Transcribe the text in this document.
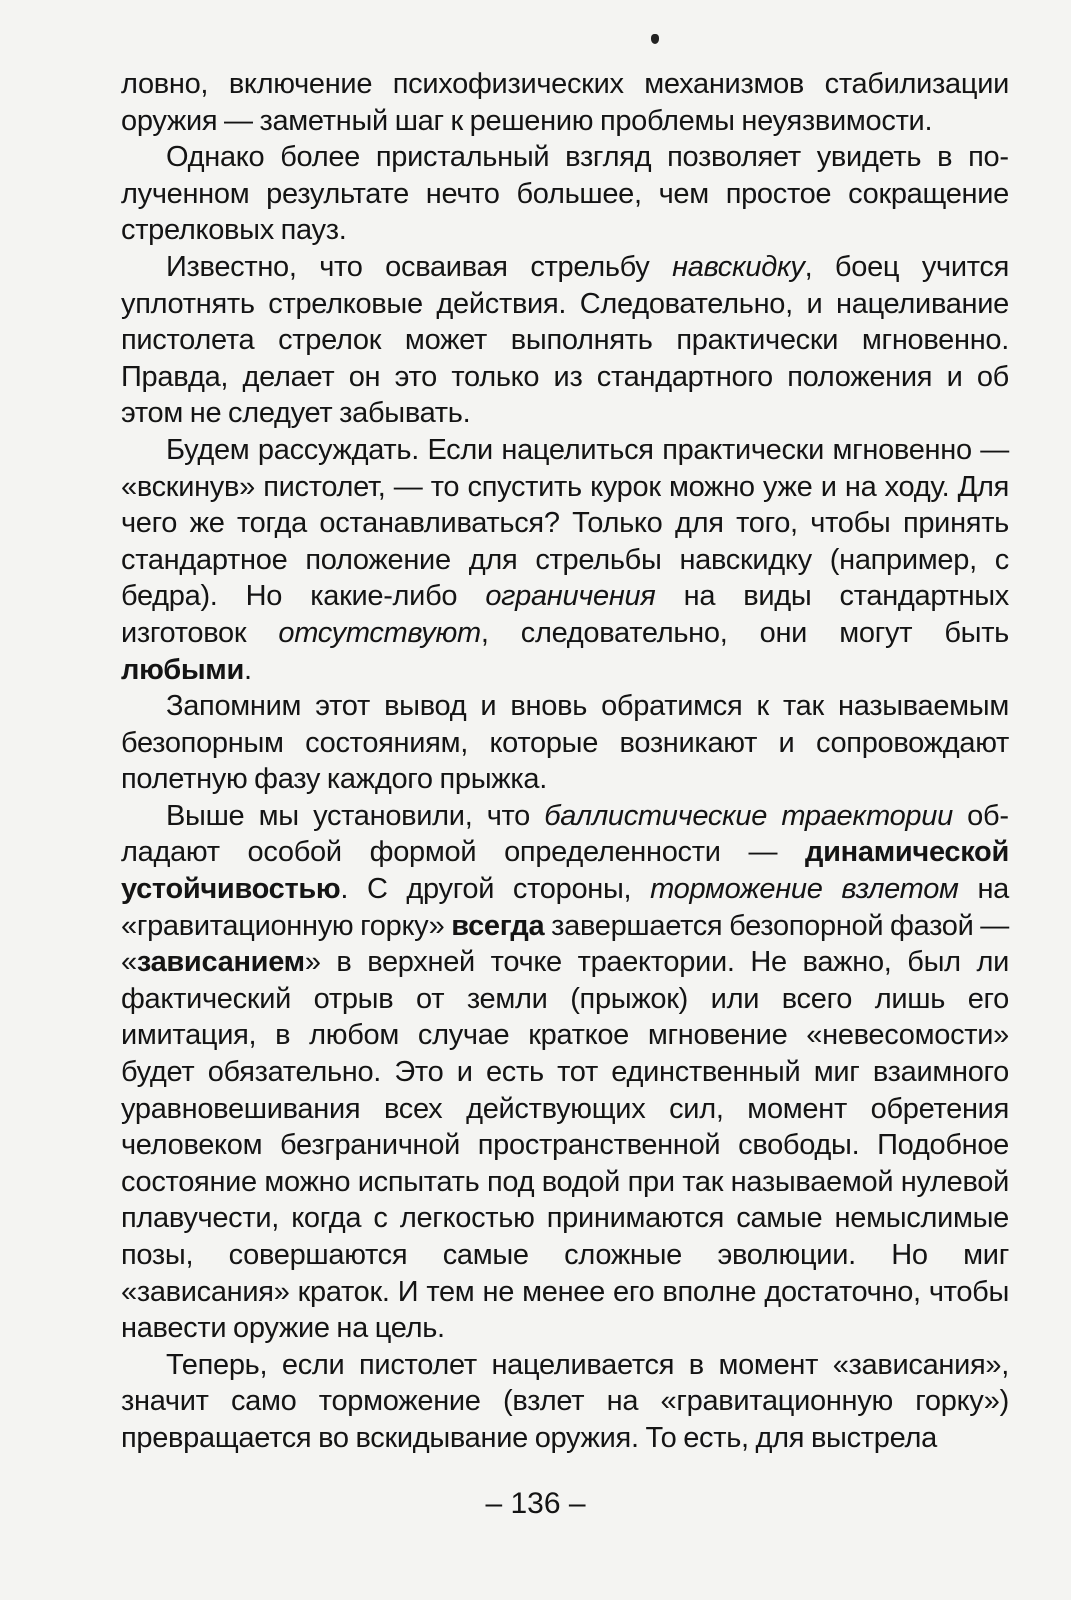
ловно, включение психофизических механизмов стабилизации оружия — заметный шаг к решению проблемы неуязвимости.

Однако более пристальный взгляд позволяет увидеть в полученном результате нечто большее, чем простое сокращение стрелковых пауз.

Известно, что осваивая стрельбу навскидку, боец учится уплотнять стрелковые действия. Следовательно, и нацеливание пистолета стрелок может выполнять практически мгновенно. Правда, делает он это только из стандартного положения и об этом не следует забывать.

Будем рассуждать. Если нацелиться практически мгновенно — «вскинув» пистолет, — то спустить курок можно уже и на ходу. Для чего же тогда останавливаться? Только для того, чтобы принять стандартное положение для стрельбы навскидку (например, с бедра). Но какие-либо ограничения на виды стандартных изготовок отсутствуют, следовательно, они могут быть любыми.

Запомним этот вывод и вновь обратимся к так называемым безопорным состояниям, которые возникают и сопровождают полетную фазу каждого прыжка.

Выше мы установили, что баллистические траектории обладают особой формой определенности — динамической устойчивостью. С другой стороны, торможение взлетом на «гравитационную горку» всегда завершается безопорной фазой — «зависанием» в верхней точке траектории. Не важно, был ли фактический отрыв от земли (прыжок) или всего лишь его имитация, в любом случае краткое мгновение «невесомости» будет обязательно. Это и есть тот единственный миг взаимного уравновешивания всех действующих сил, момент обретения человеком безграничной пространственной свободы. Подобное состояние можно испытать под водой при так называемой нулевой плавучести, когда с легкостью принимаются самые немыслимые позы, совершаются самые сложные эволюции. Но миг «зависания» краток. И тем не менее его вполне достаточно, чтобы навести оружие на цель.

Теперь, если пистолет нацеливается в момент «зависания», значит само торможение (взлет на «гравитационную горку») превращается во вскидывание оружия. То есть, для выстрела

– 136 –
